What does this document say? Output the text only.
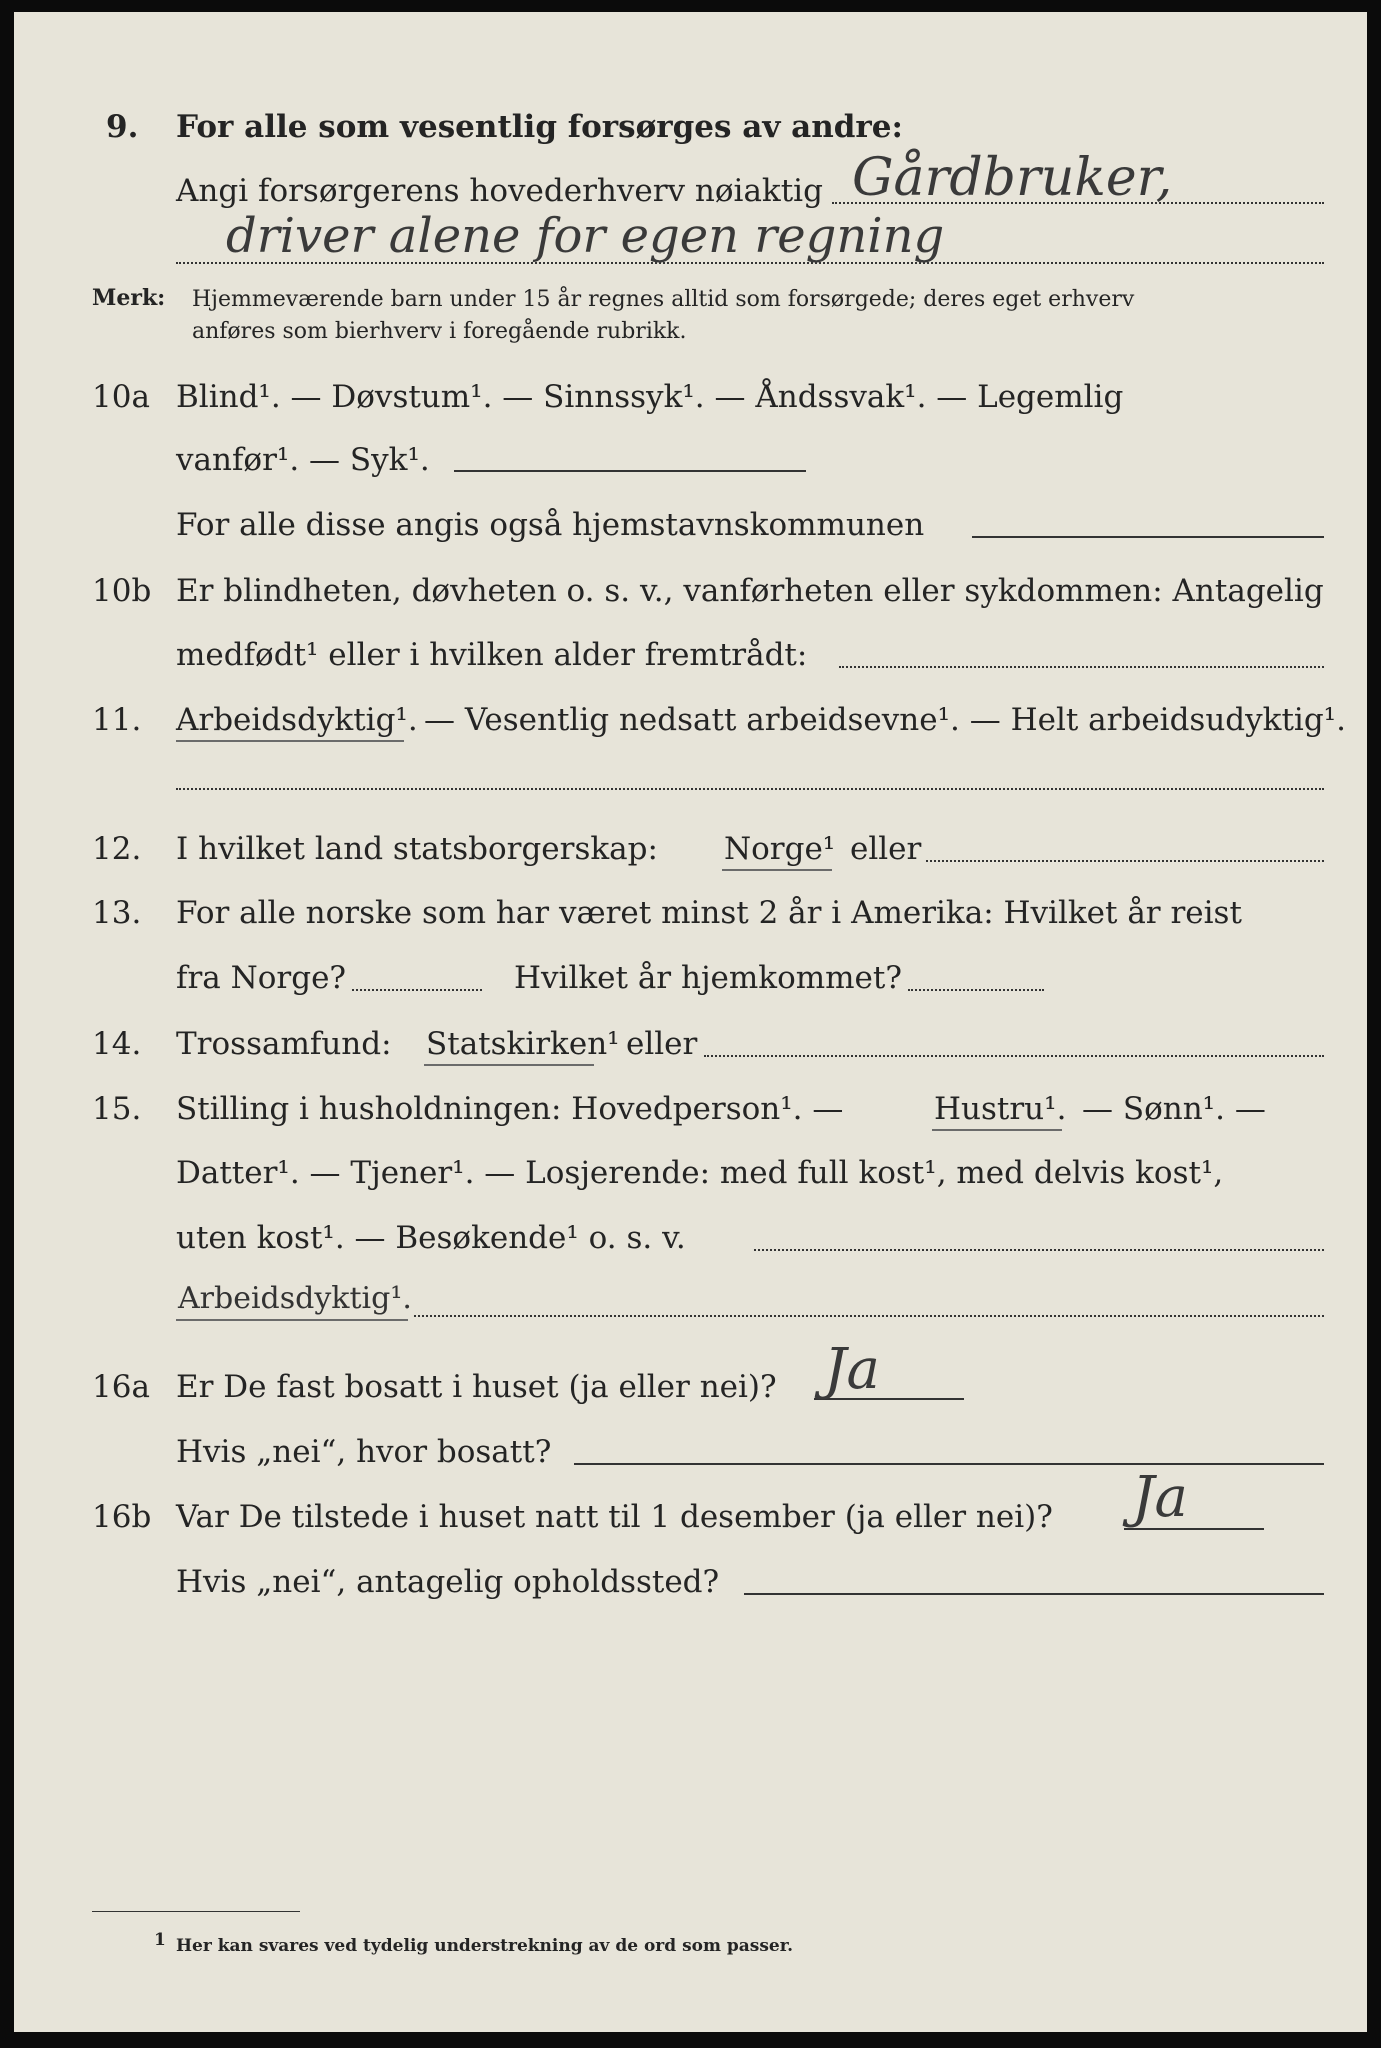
9. For alle som vesentlig forsørges av andre:
Angi forsørgerens hovederhverv nøiaktig Gårdbruker,
driver alene for egen regning
Merk: Hjemmeværende barn under 15 år regnes alltid som forsørgede; deres eget erhverv
anføres som bierhverv i foregående rubrikk.
10a Blind¹. — Døvstum¹. — Sinnssyk¹. — Åndssvak¹. — Legemlig
vanfør¹. — Syk¹.
For alle disse angis også hjemstavnskommunen
10b Er blindheten, døvheten o. s. v., vanførheten eller sykdommen: Antagelig
medfødt¹ eller i hvilken alder fremtrådt:
11. Arbeidsdyktig¹. — Vesentlig nedsatt arbeidsevne¹. — Helt arbeidsudyktig¹.
12. I hvilket land statsborgerskap: Norge¹ eller
13. For alle norske som har været minst 2 år i Amerika: Hvilket år reist
fra Norge?	Hvilket år hjemkommet?
14. Trossamfund: Statskirken¹ eller
15. Stilling i husholdningen: Hovedperson¹. —	Hustru¹. — Sønn¹. —
Datter¹. — Tjener¹. — Losjerende: med full kost¹, med delvis kost¹,
uten kost¹. — Besøkende¹ o. s. v.
Arbeidsdyktig¹.
16a Er De fast bosatt i huset (ja eller nei)? Ja
Hvis „nei“, hvor bosatt?
16b Var De tilstede i huset natt til 1 desember (ja eller nei)? Ja
Hvis „nei“, antagelig opholdssted?
1 Her kan svares ved tydelig understrekning av de ord som passer.
